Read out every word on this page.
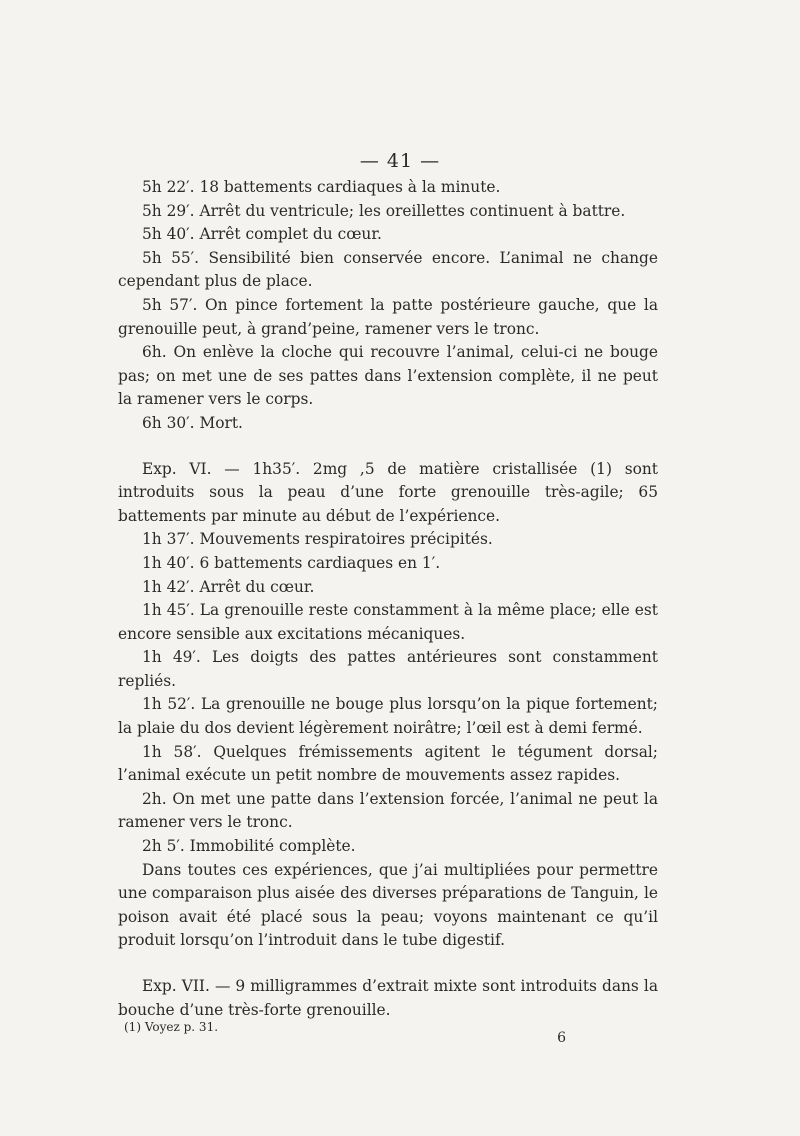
— 41 —

5h 22′. 18 battements cardiaques à la minute.

5h 29′. Arrêt du ventricule; les oreillettes continuent à battre.

5h 40′. Arrêt complet du cœur.

5h 55′. Sensibilité bien conservée encore. L’animal ne change cependant plus de place.

5h 57′. On pince fortement la patte postérieure gauche, que la grenouille peut, à grand’peine, ramener vers le tronc.

6h. On enlève la cloche qui recouvre l’animal, celui-ci ne bouge pas; on met une de ses pattes dans l’extension complète, il ne peut la ramener vers le corps.

6h 30′. Mort.

Exp. VI. — 1h35′. 2mg ,5 de matière cristallisée (1) sont introduits sous la peau d’une forte grenouille très-agile; 65 battements par minute au début de l’expérience.

1h 37′. Mouvements respiratoires précipités.

1h 40′. 6 battements cardiaques en 1′.

1h 42′. Arrêt du cœur.

1h 45′. La grenouille reste constamment à la même place; elle est encore sensible aux excitations mécaniques.

1h 49′. Les doigts des pattes antérieures sont constamment repliés.

1h 52′. La grenouille ne bouge plus lorsqu’on la pique fortement; la plaie du dos devient légèrement noirâtre; l’œil est à demi fermé.

1h 58′. Quelques frémissements agitent le tégument dorsal; l’animal exécute un petit nombre de mouvements assez rapides.

2h. On met une patte dans l’extension forcée, l’animal ne peut la ramener vers le tronc.

2h 5′. Immobilité complète.

Dans toutes ces expériences, que j’ai multipliées pour permettre une comparaison plus aisée des diverses préparations de Tanguin, le poison avait été placé sous la peau; voyons maintenant ce qu’il produit lorsqu’on l’introduit dans le tube digestif.

Exp. VII. — 9 milligrammes d’extrait mixte sont introduits dans la bouche d’une très-forte grenouille.

(1) Voyez p. 31.
6
